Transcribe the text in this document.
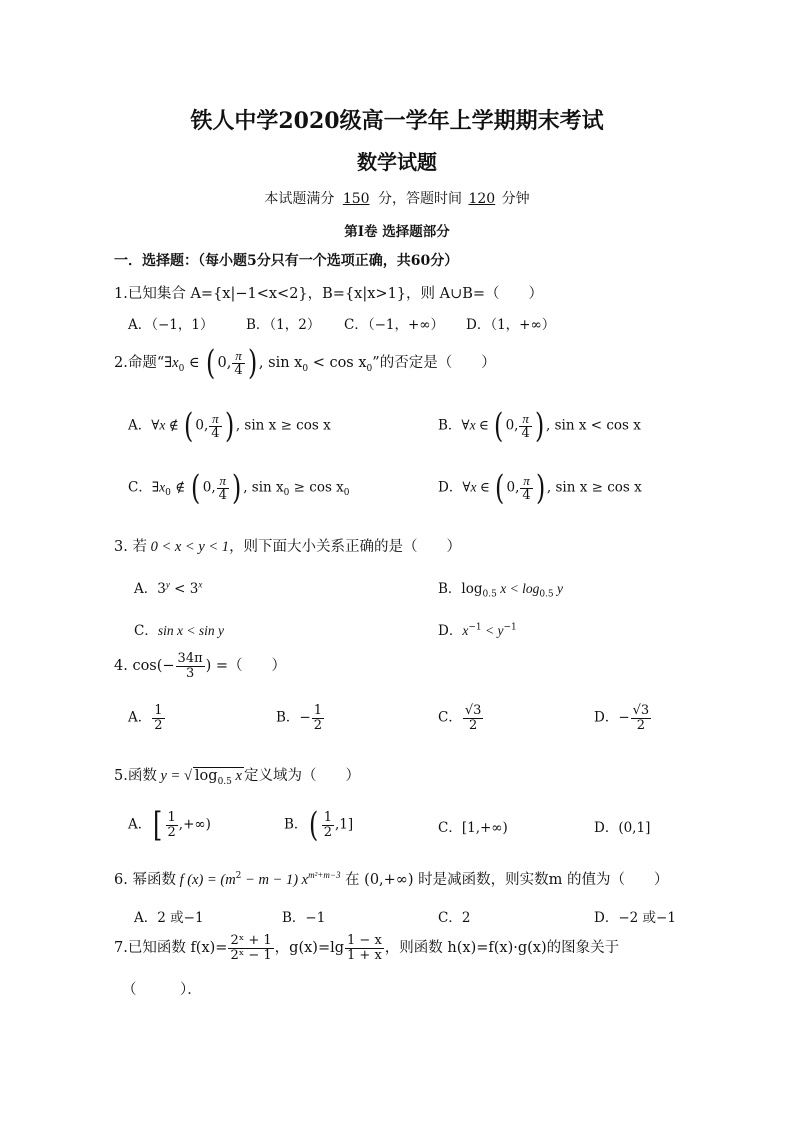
铁人中学2020级高一学年上学期期末考试
数学试题
本试题满分 150 分，答题时间 120 分钟
第Ⅰ卷 选择题部分
一．选择题：（每小题5分只有一个选项正确，共60分）
1.已知集合 A={x|−1<x<2}，B={x|x>1}，则 A∪B=（　　）
A．（−1，1） B．（1，2） C．（−1，+∞） D．（1，+∞）
2.命题“$\exists x_0$ ∈ ( 0, $\frac{\pi}{4}$ ) , $\sin x_0 < \cos x_0$”的否定是（　　）
A．∀x ∉ ( 0, $\frac{\pi}{4}$ ) , sin x ≥ cos x	B．∀x ∈ ( 0, $\frac{\pi}{4}$ ) , sin x < cos x
C．$\exists x_0$ ∉ ( 0, $\frac{\pi}{4}$ ) , $\sin x_0 \ge \cos x_0$	D．∀x ∈ ( 0, $\frac{\pi}{4}$ ) , sin x ≥ cos x
3. 若 0 < x < y < 1，则下面大小关系正确的是（　　）
A．$3^y < 3^x$	B．$\log_{0.5} x < \log_{0.5} y$
C．sin x < sin y	D．$x^{-1} < y^{-1}$
4. $\cos(- \frac{34\pi}{3}$ ) =（　　）
A． $\frac{1}{2}$	B．− $\frac{1}{2}$	C． $\frac{√3}{2}$	D．− $\frac{√3}{2}$
5.函数 y = √ $\log_{0.5} x$ 定义域为（　　）
A．[ $\frac{1}{2}$ ,+∞)	B．( $\frac{1}{2} ,1$]	C．[1,+∞)	D．(0,1]
6. 幂函数 f $(x) = (m^2 - m - 1)$ $x^{m^2+m-3}$ 在 (0,+∞) 时是减函数，则实数m 的值为（　　）
A．2 或−1	B．−1	C．2	D．−2 或−1
7.已知函数 $f(x)= \frac{\text{2ˣ + 1}}{\text{2ˣ − 1}}$ ，$g(x)=\lg \frac{1 - x}{1 + x}$ ，则函数 h(x)=f(x)·g(x)的图象关于
（　　　）．
